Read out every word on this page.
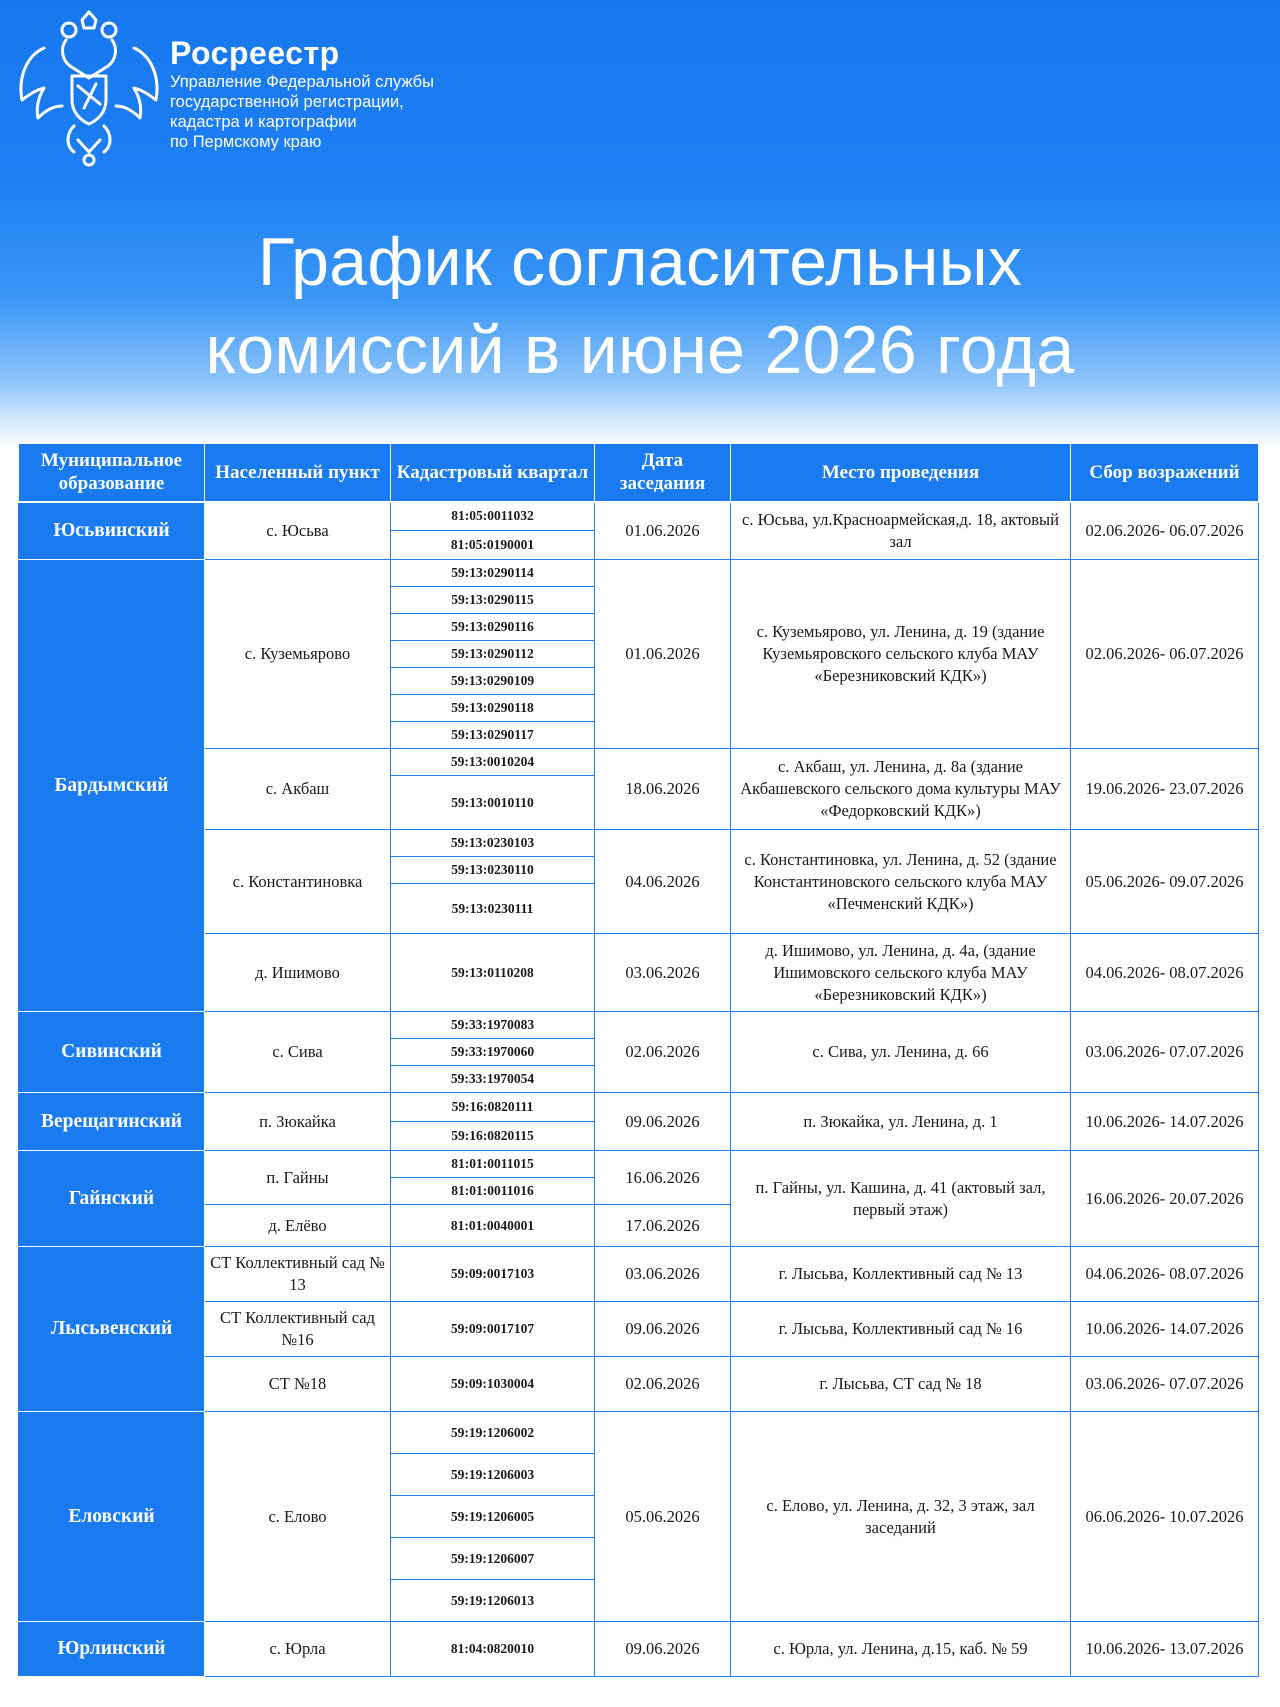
Росреестр
Управление Федеральной службы
государственной регистрации,
кадастра и картографии
по Пермскому краю
График согласительных
комиссий в июне 2026 года
Муниципальное образование	Населенный пункт	Кадастровый квартал	Дата заседания	Место проведения	Сбор возражений
Юсьвинский	с. Юсьва	81:05:0011032	01.06.2026	с. Юсьва, ул.Красноармейская,д. 18, актовый зал	02.06.2026- 06.07.2026
		81:05:0190001			
Бардымский	с. Куземьярово	59:13:0290114	01.06.2026	с. Куземьярово, ул. Ленина, д. 19 (здание Куземьяровского сельского клуба МАУ «Березниковский КДК»)	02.06.2026- 06.07.2026
		59:13:0290115			
		59:13:0290116			
		59:13:0290112			
		59:13:0290109			
		59:13:0290118			
		59:13:0290117			
	с. Акбаш	59:13:0010204	18.06.2026	с. Акбаш, ул. Ленина, д. 8а (здание Акбашевского сельского дома культуры МАУ «Федорковский КДК»)	19.06.2026- 23.07.2026
		59:13:0010110			
	с. Константиновка	59:13:0230103	04.06.2026	с. Константиновка, ул. Ленина, д. 52 (здание Константиновского сельского клуба МАУ «Печменский КДК»)	05.06.2026- 09.07.2026
		59:13:0230110			
		59:13:0230111			
	д. Ишимово	59:13:0110208	03.06.2026	д. Ишимово, ул. Ленина, д. 4а, (здание Ишимовского сельского клуба МАУ «Березниковский КДК»)	04.06.2026- 08.07.2026
Сивинский	с. Сива	59:33:1970083	02.06.2026	с. Сива, ул. Ленина, д. 66	03.06.2026- 07.07.2026
		59:33:1970060			
		59:33:1970054			
Верещагинский	п. Зюкайка	59:16:0820111	09.06.2026	п. Зюкайка, ул. Ленина, д. 1	10.06.2026- 14.07.2026
		59:16:0820115			
Гайнский	п. Гайны	81:01:0011015	16.06.2026	п. Гайны, ул. Кашина, д. 41 (актовый зал, первый этаж)	16.06.2026- 20.07.2026
		81:01:0011016			
	д. Елёво	81:01:0040001	17.06.2026		
Лысьвенский	СТ Коллективный сад № 13	59:09:0017103	03.06.2026	г. Лысьва, Коллективный сад № 13	04.06.2026- 08.07.2026
	СТ Коллективный сад №16	59:09:0017107	09.06.2026	г. Лысьва, Коллективный сад № 16	10.06.2026- 14.07.2026
	СТ №18	59:09:1030004	02.06.2026	г. Лысьва, СТ сад № 18	03.06.2026- 07.07.2026
Еловский	с. Елово	59:19:1206002	05.06.2026	с. Елово, ул. Ленина, д. 32, 3 этаж, зал заседаний	06.06.2026- 10.07.2026
		59:19:1206003			
		59:19:1206005			
		59:19:1206007			
		59:19:1206013			
Юрлинский	с. Юрла	81:04:0820010	09.06.2026	с. Юрла, ул. Ленина, д.15, каб. № 59	10.06.2026- 13.07.2026
